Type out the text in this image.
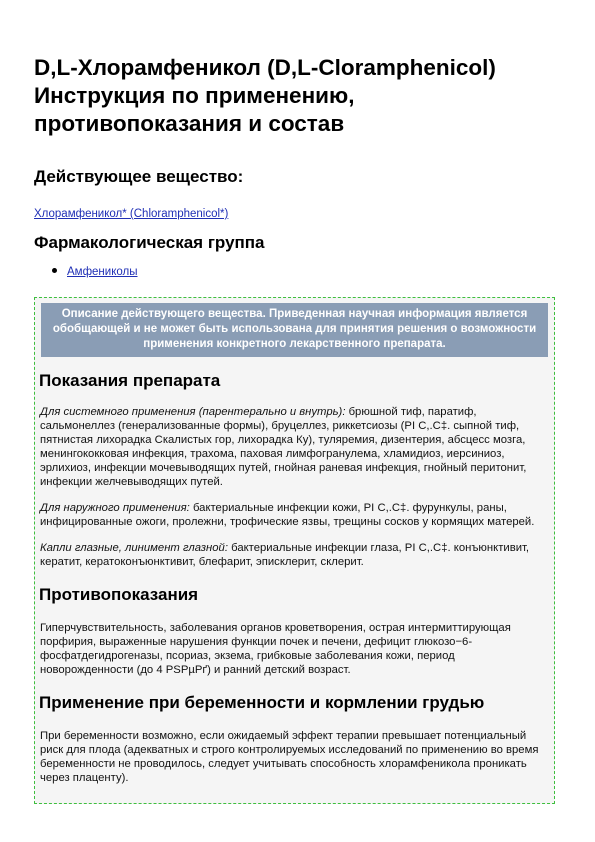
D,L-Хлорамфеникол (D,L-Cloramphenicol)
Инструкция по применению,
противопоказания и состав
Действующее вещество:
Хлорамфеникол* (Chloramphenicol*)
Фармакологическая группа
Амфениколы
Описание действующего вещества. Приведенная научная информация является обобщающей и не может быть использована для принятия решения о возможности применения конкретного лекарственного препарата.
Показания препарата

Для системного применения (парентерально и внутрь): брюшной тиф, паратиф, сальмонеллез (генерализованные формы), бруцеллез, риккетсиозы (РІ С,.С‡. сыпной тиф, пятнистая лихорадка Скалистых гор, лихорадка Ку), туляремия, дизентерия, абсцесс мозга, менингококковая инфекция, трахома, паховая лимфогранулема, хламидиоз, иерсиниоз, эрлихиоз, инфекции мочевыводящих путей, гнойная раневая инфекция, гнойный перитонит, инфекции желчевыводящих путей.

Для наружного применения: бактериальные инфекции кожи, РІ С,.С‡. фурункулы, раны, инфицированные ожоги, пролежни, трофические язвы, трещины сосков у кормящих матерей.

Капли глазные, линимент глазной: бактериальные инфекции глаза, РІ С,.С‡. конъюнктивит, кератит, кератоконъюнктивит, блефарит, эписклерит, склерит.

Противопоказания

Гиперчувствительность, заболевания органов кроветворения, острая интермиттирующая порфирия, выраженные нарушения функции почек и печени, дефицит глюкозо−6-фосфатдегидрогеназы, псориаз, экзема, грибковые заболевания кожи, период новорожденности (до 4 РЅРµРґ) и ранний детский возраст.

Применение при беременности и кормлении грудью

При беременности возможно, если ожидаемый эффект терапии превышает потенциальный риск для плода (адекватных и строго контролируемых исследований по применению во время беременности не проводилось, следует учитывать способность хлорамфеникола проникать через плаценту).
